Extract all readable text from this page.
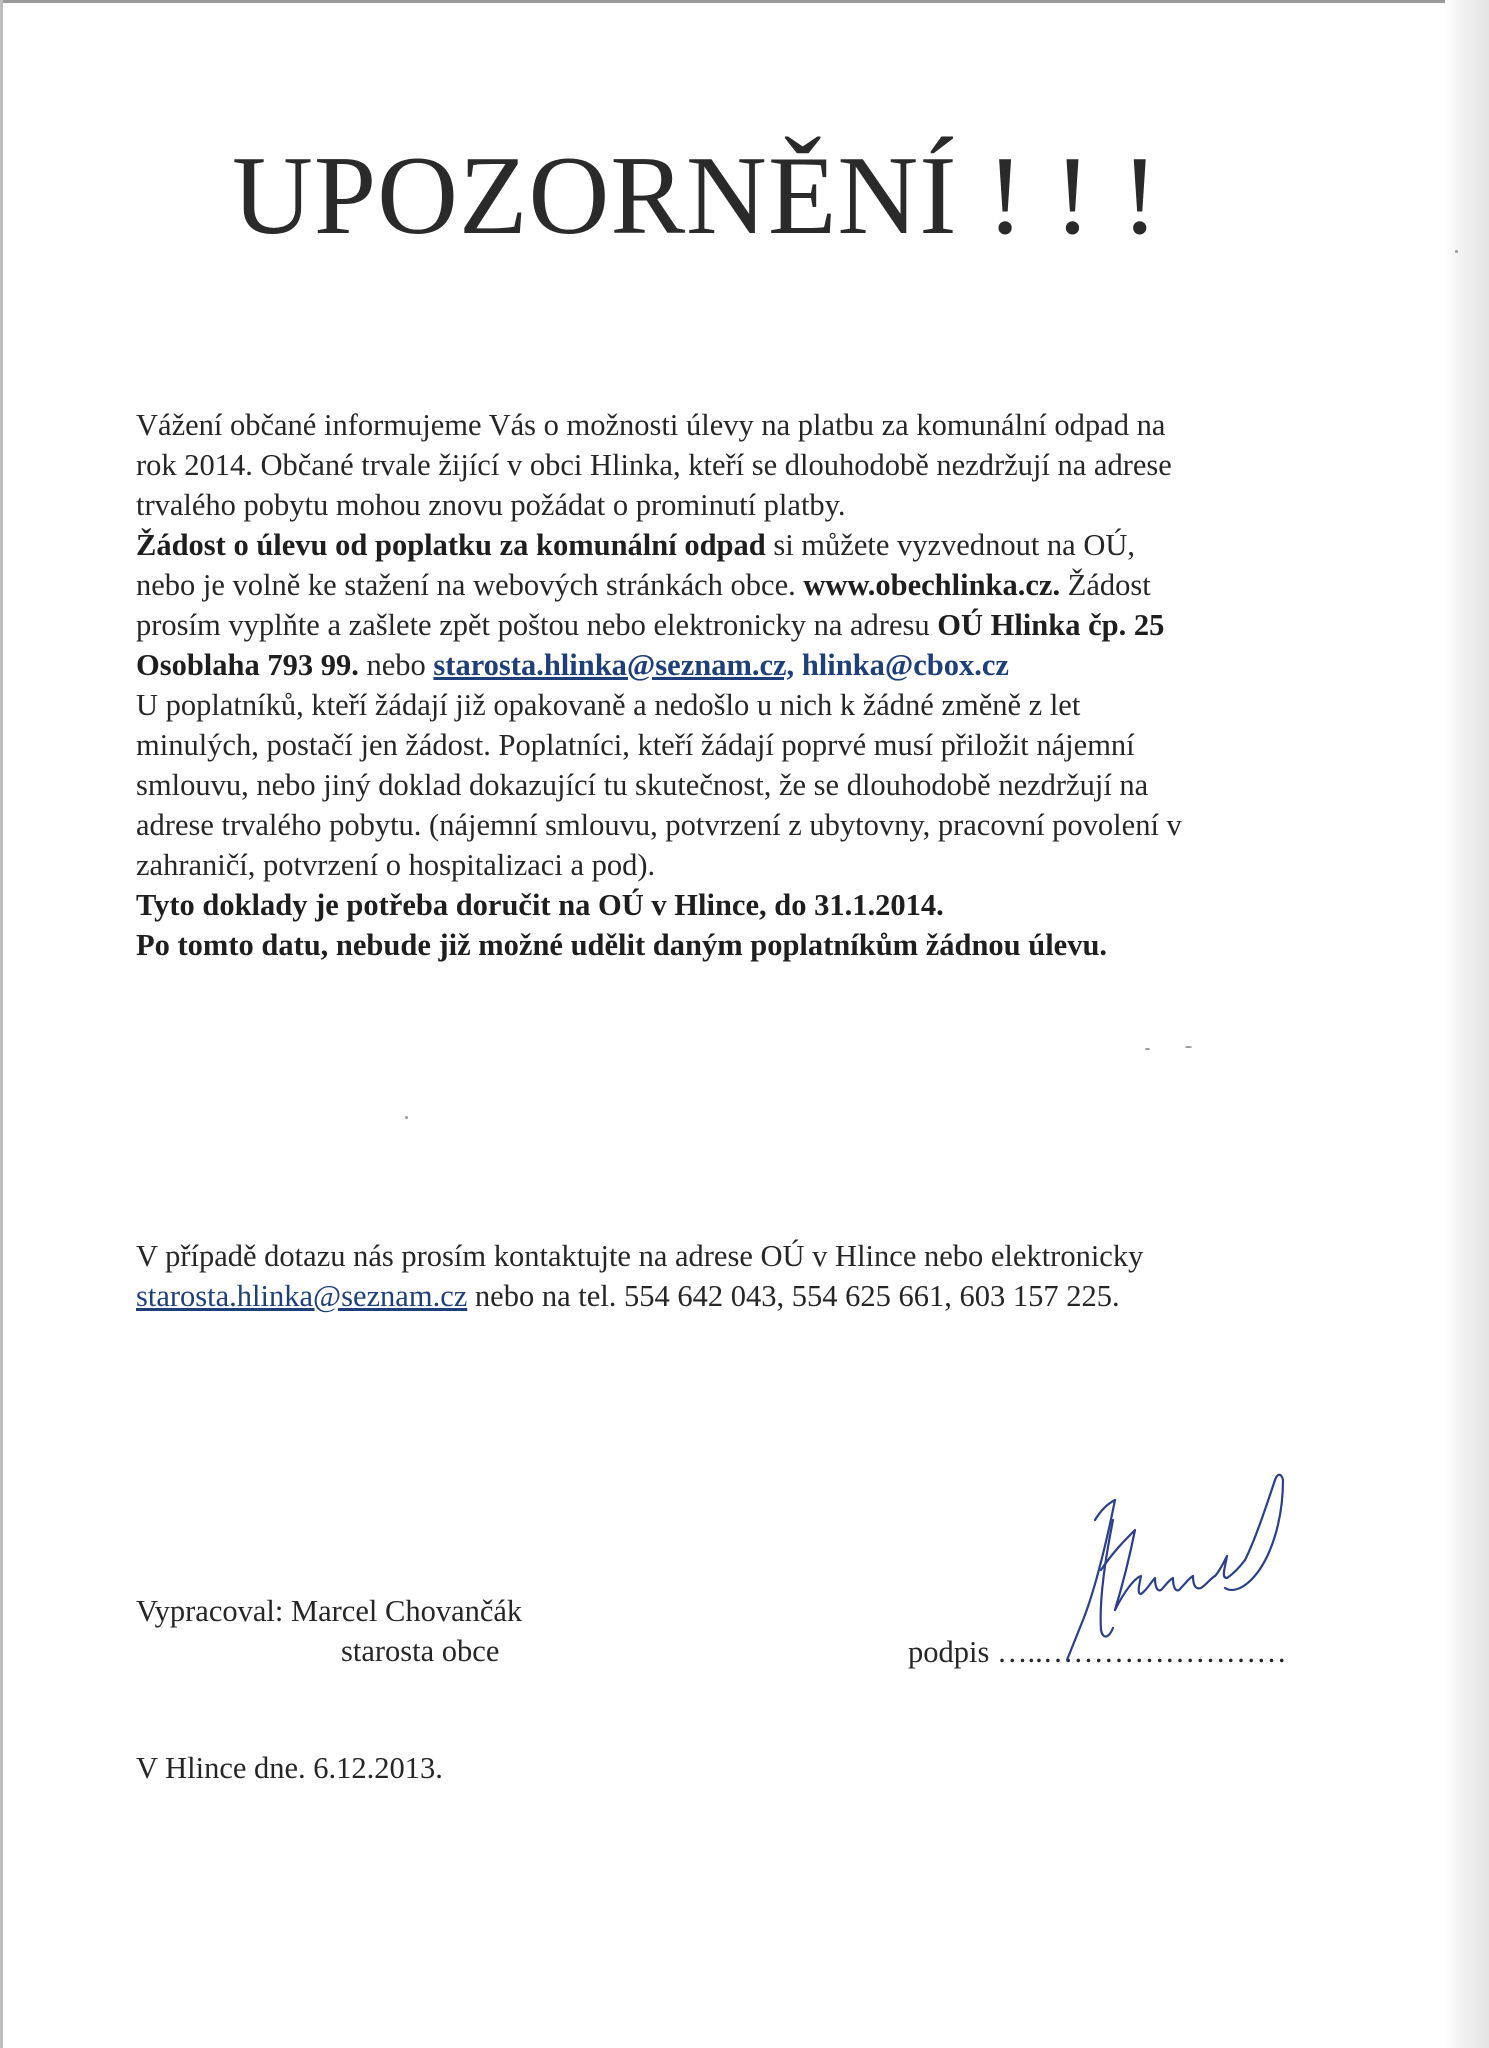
UPOZORNĚNÍ ! ! !
Vážení občané informujeme Vás o možnosti úlevy na platbu za komunální odpad na
rok 2014. Občané trvale žijící v obci Hlinka, kteří se dlouhodobě nezdržují na adrese
trvalého pobytu mohou znovu požádat o prominutí platby.
Žádost o úlevu od poplatku za komunální odpad si můžete vyzvednout na OÚ,
nebo je volně ke stažení na webových stránkách obce. www.obechlinka.cz. Žádost
prosím vyplňte a zašlete zpět poštou nebo elektronicky na adresu OÚ Hlinka čp. 25
Osoblaha 793 99. nebo starosta.hlinka@seznam.cz, hlinka@cbox.cz
U poplatníků, kteří žádají již opakovaně a nedošlo u nich k žádné změně z let
minulých, postačí jen žádost. Poplatníci, kteří žádají poprvé musí přiložit nájemní
smlouvu, nebo jiný doklad dokazující tu skutečnost, že se dlouhodobě nezdržují na
adrese trvalého pobytu. (nájemní smlouvu, potvrzení z ubytovny, pracovní povolení v
zahraničí, potvrzení o hospitalizaci a pod).
Tyto doklady je potřeba doručit na OÚ v Hlince, do 31.1.2014.
Po tomto datu, nebude již možné udělit daným poplatníkům žádnou úlevu.
V případě dotazu nás prosím kontaktujte na adrese OÚ v Hlince nebo elektronicky
starosta.hlinka@seznam.cz nebo na tel. 554 642 043, 554 625 661, 603 157 225.
Vypracoval: Marcel Chovančák
starosta obce	podpis …..……………………
V Hlince dne. 6.12.2013.
